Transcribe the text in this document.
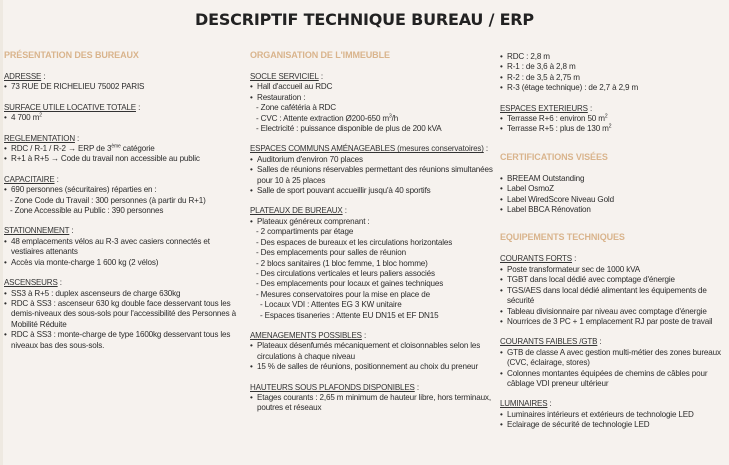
DESCRIPTIF TECHNIQUE BUREAU / ERP
PRÉSENTATION DES BUREAUX
ADRESSE :
• 73 RUE DE RICHELIEU 75002 PARIS
SURFACE UTILE LOCATIVE TOTALE :
• 4 700 $m^2$
REGLEMENTATION :
• RDC / R-1 / R-2 → ERP de 3ème catégorie
• R+1 à R+5 → Code du travail non accessible au public
CAPACITAIRE :
• 690 personnes (sécuritaires) réparties en :
- Zone Code du Travail : 300 personnes (à partir du R+1)
- Zone Accessible au Public : 390 personnes
STATIONNEMENT :
• 48 emplacements vélos au R-3 avec casiers connectés et vestiaires attenants
• Accès via monte-charge 1 600 kg (2 vélos)
ASCENSEURS :
• SS3 à R+5 : duplex ascenseurs de charge 630kg
• RDC à SS3 : ascenseur 630 kg double face desservant tous les demis-niveaux des sous-sols pour l'accessibilité des Personnes à Mobilité Réduite
• RDC à SS3 : monte-charge de type 1600kg desservant tous les niveaux bas des sous-sols.
ORGANISATION DE L'IMMEUBLE
SOCLE SERVICIEL :
• Hall d'accueil au RDC
• Restauration :
- Zone cafétéria à RDC
- CVC : Attente extraction Ø200-650 $m^3/h$
- Electricité : puissance disponible de plus de 200 kVA
ESPACES COMMUNS AMÉNAGEABLES (mesures conservatoires) :
• Auditorium d'environ 70 places
• Salles de réunions réservables permettant des réunions simultanées pour 10 à 25 places
• Salle de sport pouvant accueillir jusqu'à 40 sportifs
PLATEAUX DE BUREAUX :
• Plateaux généreux comprenant :
- 2 compartiments par étage
- Des espaces de bureaux et les circulations horizontales
- Des emplacements pour salles de réunion
- 2 blocs sanitaires (1 bloc femme, 1 bloc homme)
- Des circulations verticales et leurs paliers associés
- Des emplacements pour locaux et gaines techniques
- Mesures conservatoires pour la mise en place de
- Locaux VDI : Attentes EG 3 KW unitaire
- Espaces tisaneries : Attente EU DN15 et EF DN15
AMENAGEMENTS POSSIBLES :
• Plateaux désenfumés mécaniquement et cloisonnables selon les circulations à chaque niveau
• 15 % de salles de réunions, positionnement au choix du preneur
HAUTEURS SOUS PLAFONDS DISPONIBLES :
• Etages courants : 2,65 m minimum de hauteur libre, hors terminaux, poutres et réseaux
• RDC : 2,8 m
• R-1 : de 3,6 à 2,8 m
• R-2 : de 3,5 à 2,75 m
• R-3 (étage technique) : de 2,7 à 2,9 m
ESPACES EXTERIEURS :
• Terrasse R+6 : environ 50 $m^2$
• Terrasse R+5 : plus de 130 $m^2$
CERTIFICATIONS VISÉES
• BREEAM Outstanding
• Label OsmoZ
• Label WiredScore Niveau Gold
• Label BBCA Rénovation
EQUIPEMENTS TECHNIQUES
COURANTS FORTS :
• Poste transformateur sec de 1000 kVA
• TGBT dans local dédié avec comptage d'énergie
• TGS/AES dans local dédié alimentant les équipements de sécurité
• Tableau divisionnaire par niveau avec comptage d'énergie
• Nourrices de 3 PC + 1 emplacement RJ par poste de travail
COURANTS FAIBLES /GTB :
• GTB de classe A avec gestion multi-métier des zones bureaux (CVC, éclairage, stores)
• Colonnes montantes équipées de chemins de câbles pour câblage VDI preneur ultérieur
LUMINAIRES :
• Luminaires intérieurs et extérieurs de technologie LED
• Eclairage de sécurité de technologie LED
